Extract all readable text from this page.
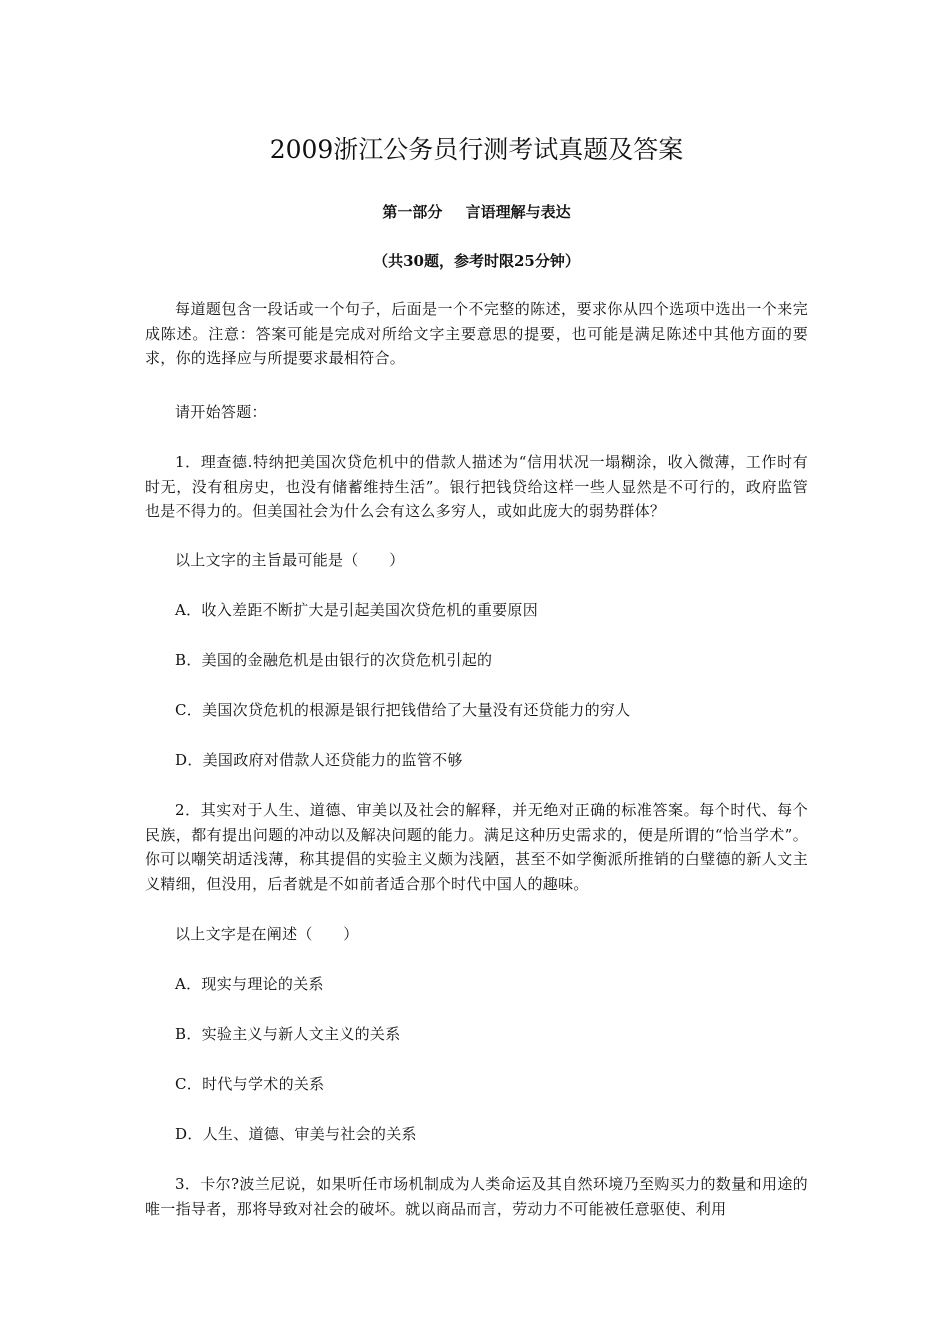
2009浙江公务员行测考试真题及答案

第一部分 言语理解与表达

（共30题，参考时限25分钟）

每道题包含一段话或一个句子，后面是一个不完整的陈述，要求你从四个选项中选出一个来完成陈述。注意：答案可能是完成对所给文字主要意思的提要，也可能是满足陈述中其他方面的要求，你的选择应与所提要求最相符合。

请开始答题：

1．理查德.特纳把美国次贷危机中的借款人描述为“信用状况一塌糊涂，收入微薄，工作时有时无，没有租房史，也没有储蓄维持生活”。银行把钱贷给这样一些人显然是不可行的，政府监管也是不得力的。但美国社会为什么会有这么多穷人，或如此庞大的弱势群体？

以上文字的主旨最可能是（　　）

A．收入差距不断扩大是引起美国次贷危机的重要原因

B．美国的金融危机是由银行的次贷危机引起的

C．美国次贷危机的根源是银行把钱借给了大量没有还贷能力的穷人

D．美国政府对借款人还贷能力的监管不够

2．其实对于人生、道德、审美以及社会的解释，并无绝对正确的标准答案。每个时代、每个民族，都有提出问题的冲动以及解决问题的能力。满足这种历史需求的，便是所谓的“恰当学术”。你可以嘲笑胡适浅薄，称其提倡的实验主义颇为浅陋，甚至不如学衡派所推销的白璧德的新人文主义精细，但没用，后者就是不如前者适合那个时代中国人的趣味。

以上文字是在阐述（　　）

A．现实与理论的关系

B．实验主义与新人文主义的关系

C．时代与学术的关系

D．人生、道德、审美与社会的关系

3．卡尔?波兰尼说，如果听任市场机制成为人类命运及其自然环境乃至购买力的数量和用途的唯一指导者，那将导致对社会的破坏。就以商品而言，劳动力不可能被任意驱使、利用
